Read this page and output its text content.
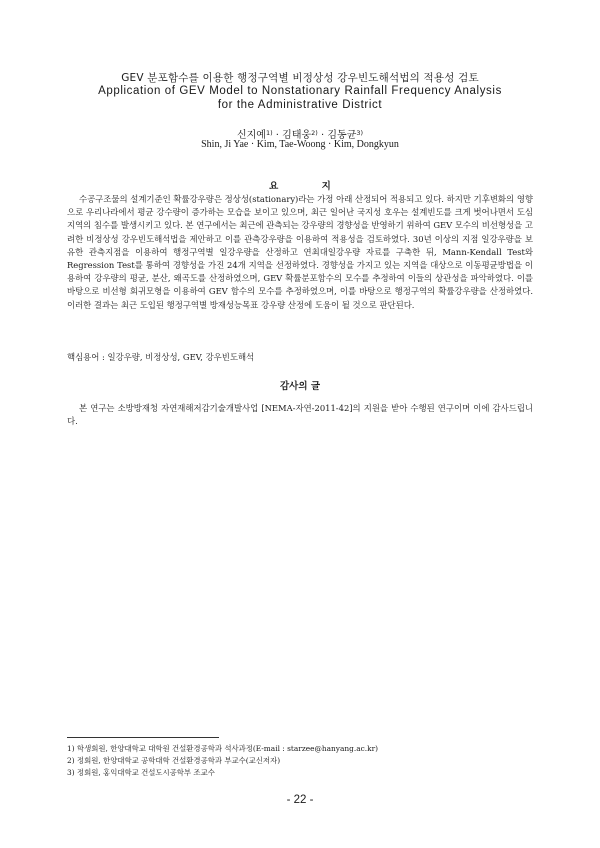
GEV 분포함수를 이용한 행정구역별 비정상성 강우빈도해석법의 적용성 검토
Application of GEV Model to Nonstationary Rainfall Frequency Analysis
for the Administrative District
신지예$^{1)}$ · 김태웅$^{2)}$ · 김동균$^{3)}$
Shin, Ji Yae · Kim, Tae-Woong · Kim, Dongkyun
요 지

수공구조물의 설계기준인 확률강우량은 정상성(stationary)라는 가정 아래 산정되어 적용되고 있다. 하지만 기후변화의 영향으로 우리나라에서 평균 강수량이 증가하는 모습을 보이고 있으며, 최근 일어난 국지성 호우는 설계빈도를 크게 벗어나면서 도심지역의 침수를 발생시키고 있다. 본 연구에서는 최근에 관측되는 강우량의 경향성을 반영하기 위하여 GEV 모수의 비선형성을 고려한 비정상성 강우빈도해석법을 제안하고 이를 관측강우량을 이용하여 적용성을 검토하였다. 30년 이상의 지점 일강우량을 보유한 관측지점을 이용하여 행정구역별 일강우량을 산정하고 연최대일강우량 자료를 구축한 뒤, Mann-Kendall Test와 Regression Test를 통하여 경향성을 가진 24개 지역을 선정하였다. 경향성을 가지고 있는 지역을 대상으로 이동평균방법을 이용하여 강우량의 평균, 분산, 왜곡도를 산정하였으며, GEV 확률분포함수의 모수를 추정하여 이들의 상관성을 파악하였다. 이를 바탕으로 비선형 회귀모형을 이용하여 GEV 함수의 모수를 추정하였으며, 이를 바탕으로 행정구역의 확률강우량을 산정하였다. 이러한 결과는 최근 도입된 행정구역별 방재성능목표 강우량 산정에 도움이 될 것으로 판단된다.

핵심용어 : 일강우량, 비정상성, GEV, 강우빈도해석

감사의 글

본 연구는 소방방재청 자연재해저감기술개발사업 [NEMA-자연-2011-42]의 지원을 받아 수행된 연구이며 이에 감사드립니다.

1) 학생회원, 한양대학교 대학원 건설환경공학과 석사과정(E-mail : starzee@hanyang.ac.kr)
2) 정회원, 한양대학교 공학대학 건설환경공학과 부교수(교신저자)
3) 정회원, 홍익대학교 건설도시공학부 조교수
- 22 -
